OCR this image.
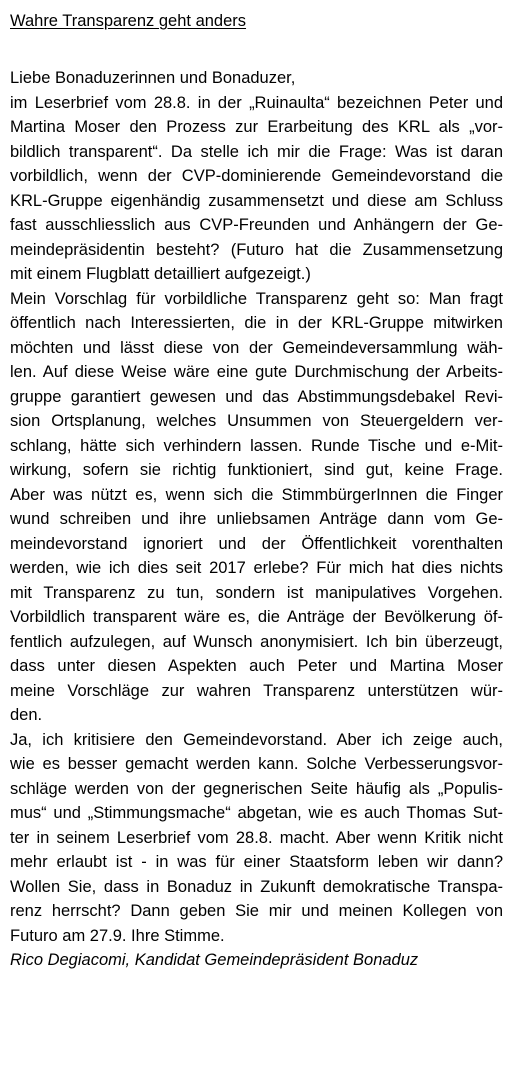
Wahre Transparenz geht anders
Liebe Bonaduzerinnen und Bonaduzer,
im Leserbrief vom 28.8. in der „Ruinaulta“ bezeichnen Peter und
Martina Moser den Prozess zur Erarbeitung des KRL als „vor-
bildlich transparent“. Da stelle ich mir die Frage: Was ist daran
vorbildlich, wenn der CVP-dominierende Gemeindevorstand die
KRL-Gruppe eigenhändig zusammensetzt und diese am Schluss
fast ausschliesslich aus CVP-Freunden und Anhängern der Ge-
meindepräsidentin besteht? (Futuro hat die Zusammensetzung
mit einem Flugblatt detailliert aufgezeigt.)
Mein Vorschlag für vorbildliche Transparenz geht so: Man fragt
öffentlich nach Interessierten, die in der KRL-Gruppe mitwirken
möchten und lässt diese von der Gemeindeversammlung wäh-
len. Auf diese Weise wäre eine gute Durchmischung der Arbeits-
gruppe garantiert gewesen und das Abstimmungsdebakel Revi-
sion Ortsplanung, welches Unsummen von Steuergeldern ver-
schlang, hätte sich verhindern lassen. Runde Tische und e-Mit-
wirkung, sofern sie richtig funktioniert, sind gut, keine Frage.
Aber was nützt es, wenn sich die StimmbürgerInnen die Finger
wund schreiben und ihre unliebsamen Anträge dann vom Ge-
meindevorstand ignoriert und der Öffentlichkeit vorenthalten
werden, wie ich dies seit 2017 erlebe? Für mich hat dies nichts
mit Transparenz zu tun, sondern ist manipulatives Vorgehen.
Vorbildlich transparent wäre es, die Anträge der Bevölkerung öf-
fentlich aufzulegen, auf Wunsch anonymisiert. Ich bin überzeugt,
dass unter diesen Aspekten auch Peter und Martina Moser
meine Vorschläge zur wahren Transparenz unterstützen wür-
den.
Ja, ich kritisiere den Gemeindevorstand. Aber ich zeige auch,
wie es besser gemacht werden kann. Solche Verbesserungsvor-
schläge werden von der gegnerischen Seite häufig als „Populis-
mus“ und „Stimmungsmache“ abgetan, wie es auch Thomas Sut-
ter in seinem Leserbrief vom 28.8. macht. Aber wenn Kritik nicht
mehr erlaubt ist - in was für einer Staatsform leben wir dann?
Wollen Sie, dass in Bonaduz in Zukunft demokratische Transpa-
renz herrscht? Dann geben Sie mir und meinen Kollegen von
Futuro am 27.9. Ihre Stimme.
Rico Degiacomi, Kandidat Gemeindepräsident Bonaduz
